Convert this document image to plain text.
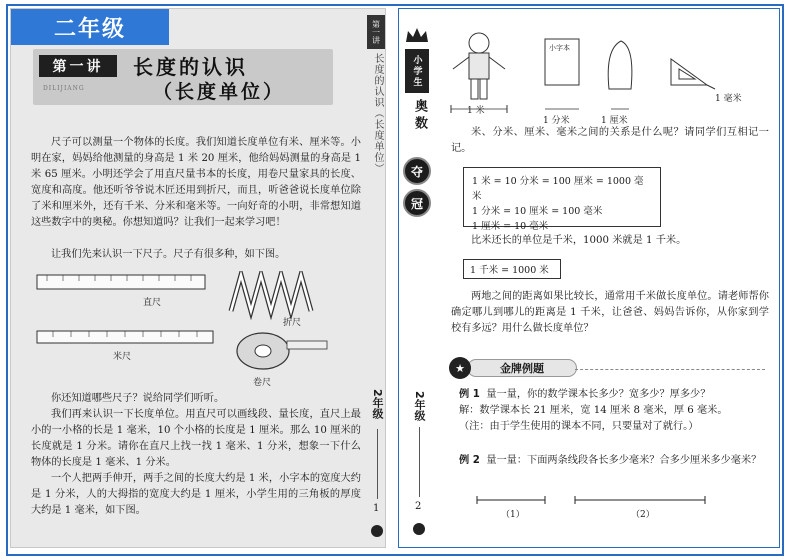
二年级
第一讲	长度的认识
（长度单位）
DILIJIANG
第一讲
长度的认识（长度单位）
尺子可以测量一个物体的长度。我们知道长度单位有米、厘米等。小明在家，妈妈给他测量的身高是 1 米 20 厘米，他给妈妈测量的身高是 1 米 65 厘米。小明还学会了用直尺量书本的长度，用卷尺量家具的长度、宽度和高度。他还听爷爷说木匠还用到折尺，而且，听爸爸说长度单位除了米和厘米外，还有千米、分米和毫米等。一向好奇的小明，非常想知道这些数字中的奥秘。你想知道吗？让我们一起来学习吧！
让我们先来认识一下尺子。尺子有很多种，如下图。
直尺
折尺
米尺
卷尺

你还知道哪些尺子？说给同学们听听。

我们再来认识一下长度单位。用直尺可以画线段、量长度，直尺上最小的一小格的长是 1 毫米，10 个小格的长度是 1 厘米。那么 10 厘米的长度就是 1 分米。请你在直尺上找一找 1 毫米、1 分米，想象一下什么物体的长度是 1 毫米、1 分米。

一个人把两手伸开，两手之间的长度大约是 1 米，小字本的宽度大约是 1 分米，人的大拇指的宽度大约是 1 厘米，小学生用的三角板的厚度大约是 1 毫米，如下图。

2年级
1
小学生
奥数
夺
冠
2年级
2
1 米
小字本
1 分米	1 厘米
1 毫米
米、分米、厘米、毫米之间的关系是什么呢？请同学们互相记一记。
1 米 = 10 分米 = 100 厘米 = 1000 毫米
1 分米 = 10 厘米 = 100 毫米
1 厘米 = 10 毫米
比米还长的单位是千米，1000 米就是 1 千米。
1 千米 = 1000 米
两地之间的距离如果比较长，通常用千米做长度单位。请老师帮你确定哪儿到哪儿的距离是 1 千米，让爸爸、妈妈告诉你，从你家到学校有多远？用什么做长度单位？
金牌例题
★
例 1 量一量，你的数学课本长多少？宽多少？厚多少？
解：数学课本长 21 厘米，宽 14 厘米 8 毫米，厚 6 毫米。
（注：由于学生使用的课本不同，只要量对了就行。）
例 2 量一量：下面两条线段各长多少毫米？合多少厘米多少毫米？
（1）	（2）
